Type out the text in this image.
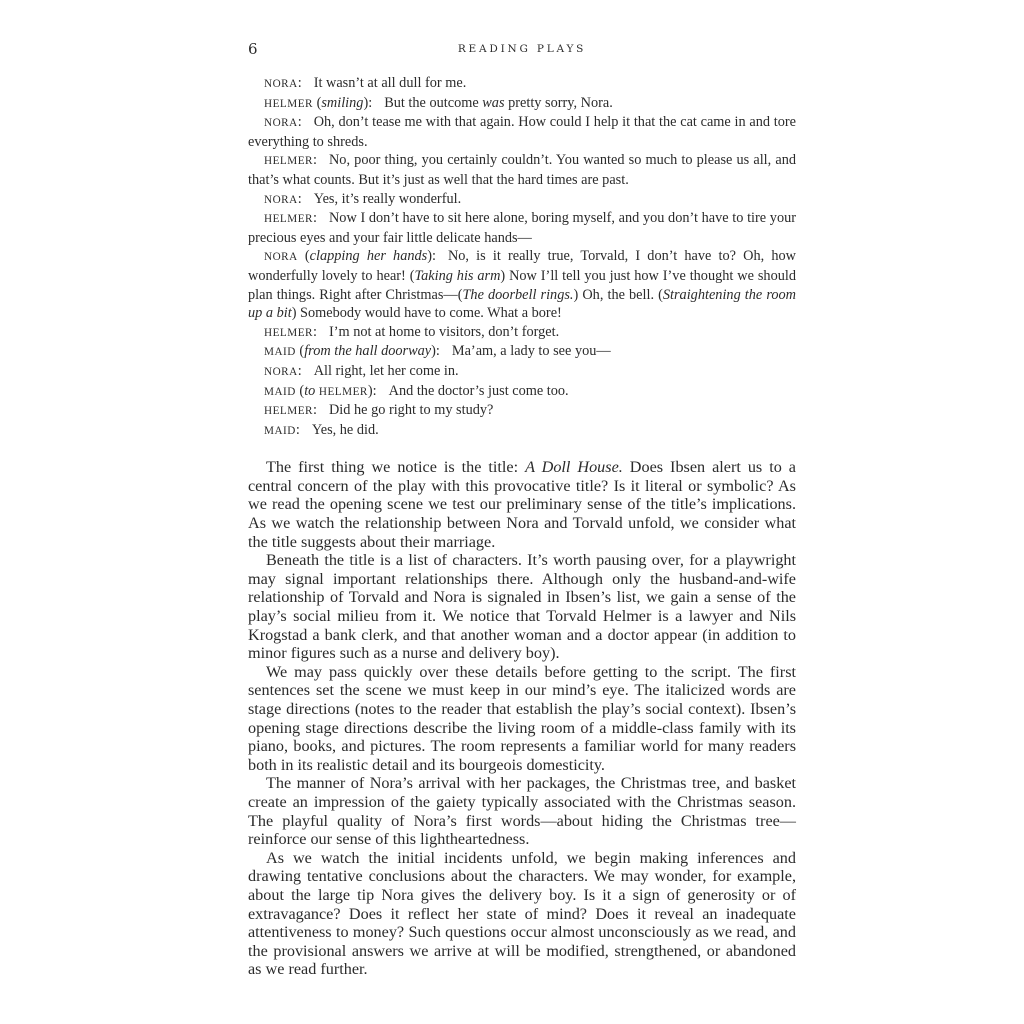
6	READING PLAYS

NORA: It wasn’t at all dull for me.

HELMER (smiling): But the outcome was pretty sorry, Nora.

NORA: Oh, don’t tease me with that again. How could I help it that the cat came in and tore everything to shreds.

HELMER: No, poor thing, you certainly couldn’t. You wanted so much to please us all, and that’s what counts. But it’s just as well that the hard times are past.

NORA: Yes, it’s really wonderful.

HELMER: Now I don’t have to sit here alone, boring myself, and you don’t have to tire your precious eyes and your fair little delicate hands—

NORA (clapping her hands): No, is it really true, Torvald, I don’t have to? Oh, how wonderfully lovely to hear! (Taking his arm) Now I’ll tell you just how I’ve thought we should plan things. Right after Christmas—(The doorbell rings.) Oh, the bell. (Straightening the room up a bit) Somebody would have to come. What a bore!

HELMER: I’m not at home to visitors, don’t forget.

MAID (from the hall doorway): Ma’am, a lady to see you—

NORA: All right, let her come in.

MAID (to HELMER): And the doctor’s just come too.

HELMER: Did he go right to my study?

MAID: Yes, he did.

The first thing we notice is the title: A Doll House. Does Ibsen alert us to a central concern of the play with this provocative title? Is it literal or symbolic? As we read the opening scene we test our preliminary sense of the title’s implications. As we watch the relationship between Nora and Torvald unfold, we consider what the title suggests about their marriage.

Beneath the title is a list of characters. It’s worth pausing over, for a playwright may signal important relationships there. Although only the husband-and-wife relationship of Torvald and Nora is signaled in Ibsen’s list, we gain a sense of the play’s social milieu from it. We notice that Torvald Helmer is a lawyer and Nils Krogstad a bank clerk, and that another woman and a doctor appear (in addition to minor figures such as a nurse and delivery boy).

We may pass quickly over these details before getting to the script. The first sentences set the scene we must keep in our mind’s eye. The italicized words are stage directions (notes to the reader that establish the play’s social context). Ibsen’s opening stage directions describe the living room of a middle-class family with its piano, books, and pictures. The room represents a familiar world for many readers both in its realistic detail and its bourgeois domesticity.

The manner of Nora’s arrival with her packages, the Christmas tree, and basket create an impression of the gaiety typically associated with the Christmas season. The playful quality of Nora’s first words—about hiding the Christmas tree—reinforce our sense of this lightheartedness.

As we watch the initial incidents unfold, we begin making inferences and drawing tentative conclusions about the characters. We may wonder, for example, about the large tip Nora gives the delivery boy. Is it a sign of generosity or of extravagance? Does it reflect her state of mind? Does it reveal an inadequate attentiveness to money? Such questions occur almost unconsciously as we read, and the provisional answers we arrive at will be modified, strengthened, or abandoned as we read further.
